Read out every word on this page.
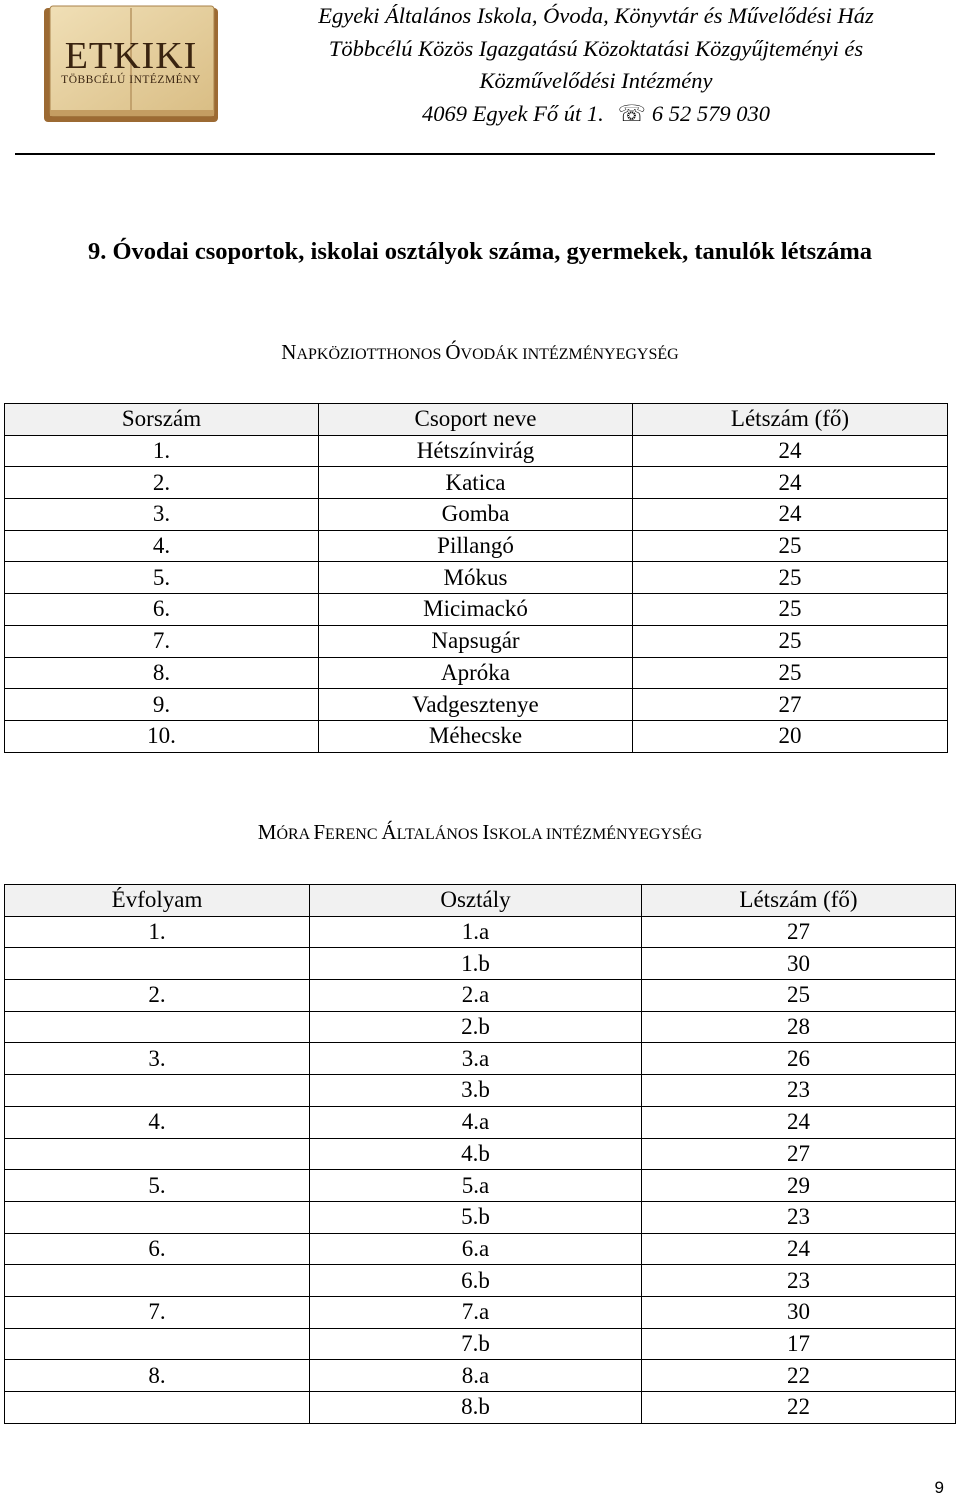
ETKIKI
TÖBBCÉLÚ INTÉZMÉNY
Egyeki Általános Iskola, Óvoda, Könyvtár és Művelődési Ház
Többcélú Közös Igazgatású Közoktatási Közgyűjteményi és
Közművelődési Intézmény
4069 Egyek Fő út 1. ☏ 6 52 579 030
9. Óvodai csoportok, iskolai osztályok száma, gyermekek, tanulók létszáma
NAPKÖZIOTTHONOS ÓVODÁK INTÉZMÉNYEGYSÉG
Sorszám	Csoport neve	Létszám (fő)
1.	Hétszínvirág	24
2.	Katica	24
3.	Gomba	24
4.	Pillangó	25
5.	Mókus	25
6.	Micimackó	25
7.	Napsugár	25
8.	Apróka	25
9.	Vadgesztenye	27
10.	Méhecske	20
MÓRA FERENC ÁLTALÁNOS ISKOLA INTÉZMÉNYEGYSÉG
Évfolyam	Osztály	Létszám (fő)
1.	1.a	27
	1.b	30
2.	2.a	25
	2.b	28
3.	3.a	26
	3.b	23
4.	4.a	24
	4.b	27
5.	5.a	29
	5.b	23
6.	6.a	24
	6.b	23
7.	7.a	30
	7.b	17
8.	8.a	22
	8.b	22
9
